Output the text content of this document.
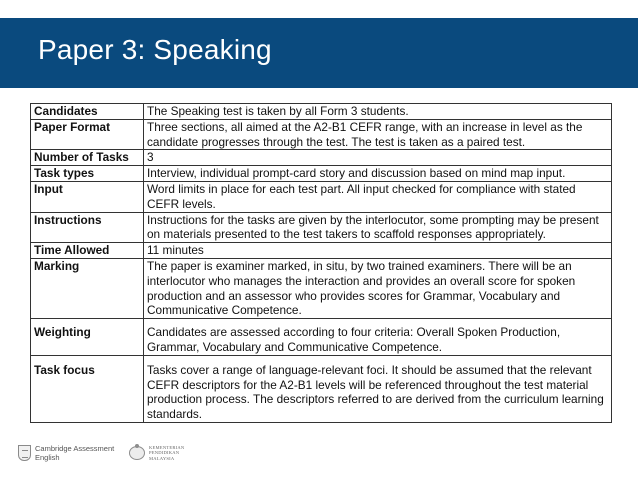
Paper 3: Speaking
Candidates	The Speaking test is taken by all Form 3 students.
Paper Format	Three sections, all aimed at the A2-B1 CEFR range, with an increase in level as the candidate progresses through the test. The test is taken as a paired test.
Number of Tasks	3
Task types	Interview, individual prompt-card story and discussion based on mind map input.
Input	Word limits in place for each test part. All input checked for compliance with stated CEFR levels.
Instructions	Instructions for the tasks are given by the interlocutor, some prompting may be present on materials presented to the test takers to scaffold responses appropriately.
Time Allowed	11 minutes
Marking	The paper is examiner marked, in situ, by two trained examiners. There will be an interlocutor who manages the interaction and provides an overall score for spoken production and an assessor who provides scores for Grammar, Vocabulary and Communicative Competence.
Weighting	Candidates are assessed according to four criteria: Overall Spoken Production, Grammar, Vocabulary and Communicative Competence.
Task focus	Tasks cover a range of language-relevant foci. It should be assumed that the relevant CEFR descriptors for the A2-B1 levels will be referenced throughout the test material production process. The descriptors referred to are derived from the curriculum learning standards.
Cambridge Assessment
English
KEMENTERIAN
PENDIDIKAN
MALAYSIA
